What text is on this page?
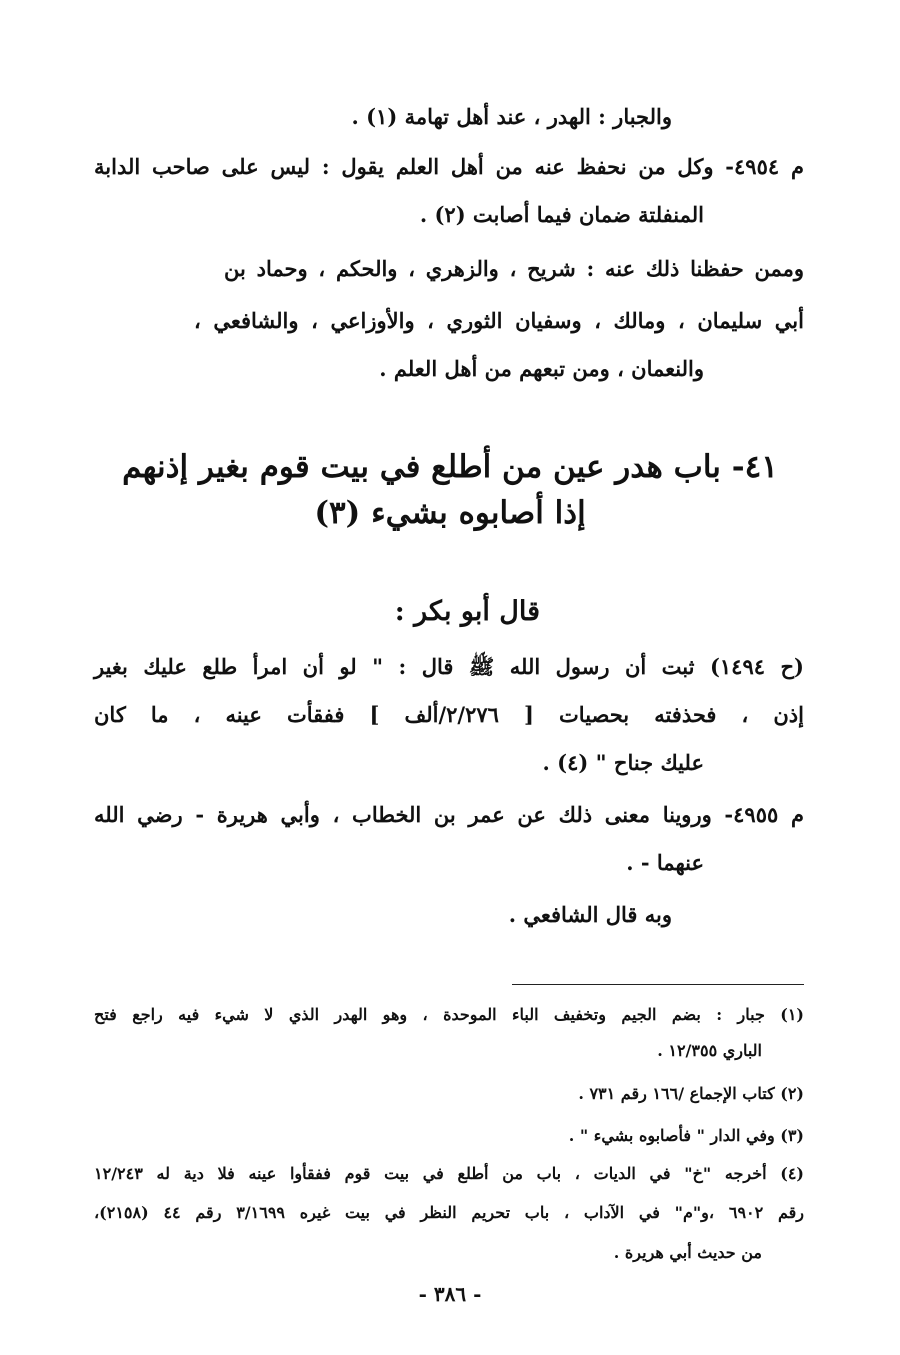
والجبار : الهدر ، عند أهل تهامة (١) .
م ٤٩٥٤- وكل من نحفظ عنه من أهل العلم يقول : ليس على صاحب الدابة
المنفلتة ضمان فيما أصابت (٢) .
وممن حفظنا ذلك عنه : شريح ، والزهري ، والحكم ، وحماد بن
أبي سليمان ، ومالك ، وسفيان الثوري ، والأوزاعي ، والشافعي ،
والنعمان ، ومن تبعهم من أهل العلم .
٤١- باب هدر عين من أطلع في بيت قوم بغير إذنهم
إذا أصابوه بشيء (٣)
قال أبو بكر :
(ح ١٤٩٤) ثبت أن رسول الله ﷺ قال : " لو أن امرأ طلع عليك بغير
إذن ، فحذفته بحصيات [ ٢/٢٧٦/ألف ] ففقأت عينه ، ما كان
عليك جناح " (٤) .
م ٤٩٥٥- وروينا معنى ذلك عن عمر بن الخطاب ، وأبي هريرة - رضي الله
عنهما - .
وبه قال الشافعي .
(١) جبار : بضم الجيم وتخفيف الباء الموحدة ، وهو الهدر الذي لا شيء فيه راجع فتح
الباري ١٢/٣٥٥ .
(٢) كتاب الإجماع /١٦٦ رقم ٧٣١ .
(٣) وفي الدار " فأصابوه بشيء " .
(٤) أخرجه "خ" في الديات ، باب من أطلع في بيت قوم ففقأوا عينه فلا دية له ١٢/٢٤٣
رقم ٦٩٠٢ ،و"م" في الآداب ، باب تحريم النظر في بيت غيره ٣/١٦٩٩ رقم ٤٤ (٢١٥٨)،
من حديث أبي هريرة .
- ٣٨٦ -
